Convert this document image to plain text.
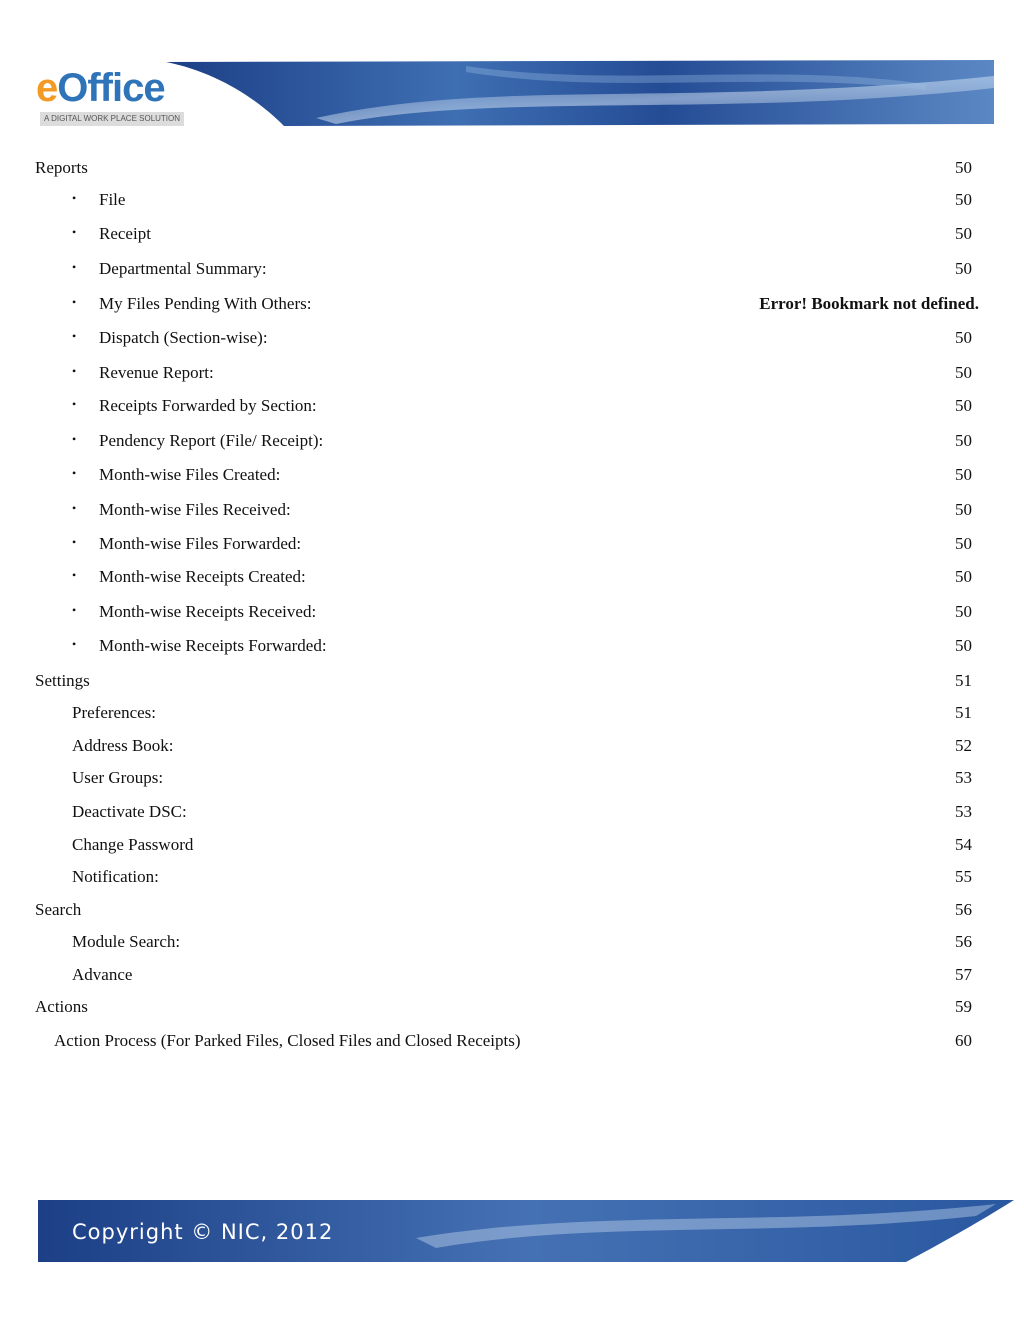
eOffice
A DIGITAL WORK PLACE SOLUTION
Reports	50
• File	50
• Receipt	50
• Departmental Summary:	50
• My Files Pending With Others:	Error! Bookmark not defined.
• Dispatch (Section-wise):	50
• Revenue Report:	50
• Receipts Forwarded by Section:	50
• Pendency Report (File/ Receipt):	50
• Month-wise Files Created:	50
• Month-wise Files Received:	50
• Month-wise Files Forwarded:	50
• Month-wise Receipts Created:	50
• Month-wise Receipts Received:	50
• Month-wise Receipts Forwarded:	50
Settings	51
Preferences:	51
Address Book:	52
User Groups:	53
Deactivate DSC:	53
Change Password	54
Notification:	55
Search	56
Module Search:	56
Advance	57
Actions	59
Action Process (For Parked Files, Closed Files and Closed Receipts)	60
Copyright © NIC, 2012
